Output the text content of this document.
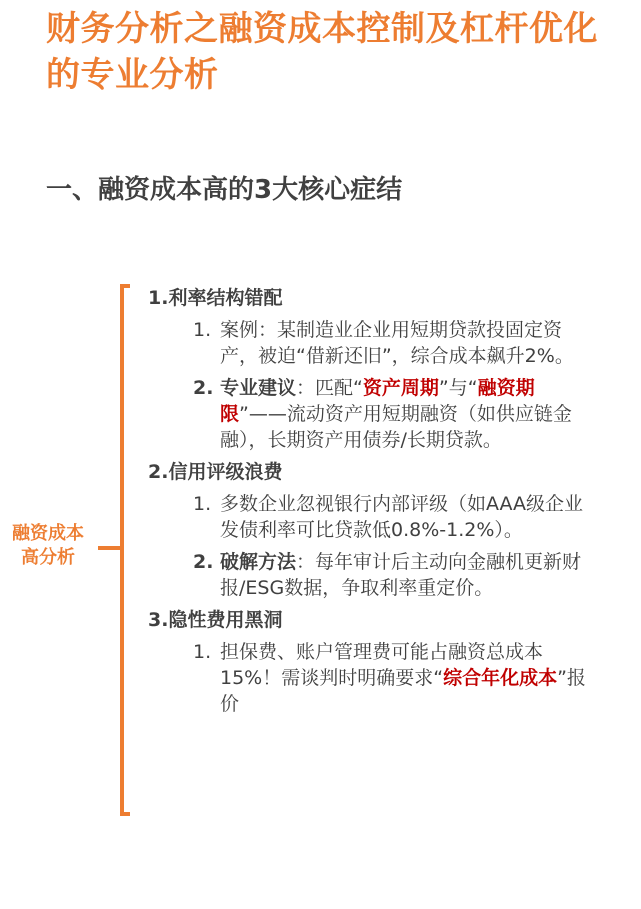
财务分析之融资成本控制及杠杆优化的专业分析
一、融资成本高的3大核心症结
融资成本
高分析
1.利率结构错配
1. 案例：某制造业企业用短期贷款投固定资产，被迫“借新还旧”，综合成本飙升2%。
2. 专业建议：匹配“资产周期”与“融资期限”——流动资产用短期融资（如供应链金融），长期资产用债券/长期贷款。
2.信用评级浪费
1. 多数企业忽视银行内部评级（如AAA级企业发债利率可比贷款低0.8%-1.2%）。
2. 破解方法：每年审计后主动向金融机更新财报/ESG数据，争取利率重定价。
3.隐性费用黑洞
1. 担保费、账户管理费可能占融资总成本15%！需谈判时明确要求“综合年化成本”报价
